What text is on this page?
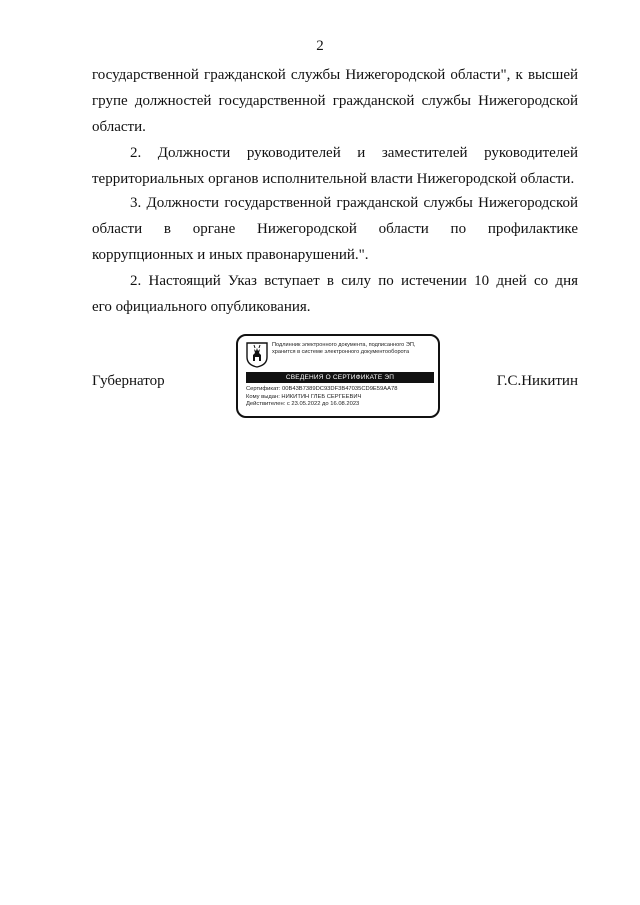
2
государственной гражданской службы Нижегородской области", к высшей
групе должностей государственной гражданской службы Нижегородской
области.
2. Должности руководителей и заместителей руководителей
территориальных органов исполнительной власти Нижегородской области.
3. Должности государственной гражданской службы Нижегородской
области в органе Нижегородской области по профилактике
коррупционных и иных правонарушений.".
2. Настоящий Указ вступает в силу по истечении 10 дней со дня
его официального опубликования.
Губернатор
Подлинник электронного документа, подписанного ЭП,
хранится в системе электронного документооборота
СВЕДЕНИЯ О СЕРТИФИКАТЕ ЭП
Сертификат: 00B43B7389DC93DF3B47035CD9E59AA78
Кому выдан: НИКИТИН ГЛЕБ СЕРГЕЕВИЧ
Действителен: с 23.05.2022 до 16.08.2023
Г.С.Никитин
